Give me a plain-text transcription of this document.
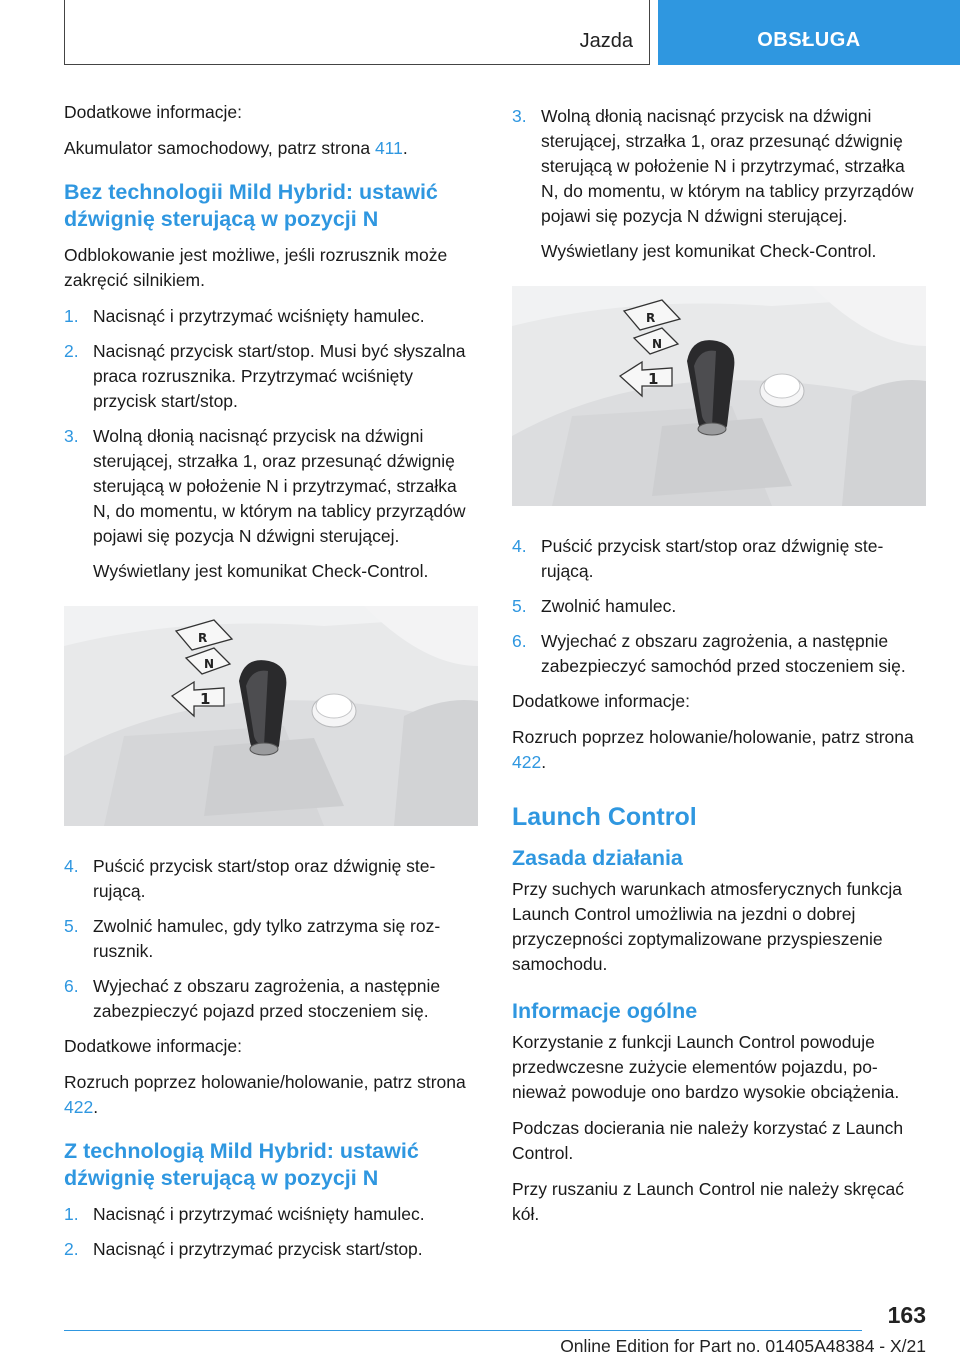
Jazda	OBSŁUGA

Dodatkowe informacje:

Akumulator samochodowy, patrz strona 411.

Bez technologii Mild Hybrid: ustawić dźwignię sterującą w pozycji N

Odblokowanie jest możliwe, jeśli rozrusznik może zakręcić silnikiem.

1. Nacisnąć i przytrzymać wciśnięty hamulec.
2. Nacisnąć przycisk start/stop. Musi być słyszalna praca rozrusznika. Przytrzymać wciśnięty przycisk start/stop.
3. Wolną dłonią nacisnąć przycisk na dźwigni sterującej, strzałka 1, oraz przesunąć dźwignię sterującą w położenie N i przytrzymać, strzałka N, do momentu, w którym na tablicy przyrządów pojawi się pozycja N dźwigni sterującej.

Wyświetlany jest komunikat Check-Control.

R
N
1
4. Puścić przycisk start/stop oraz dźwignię sterującą.
5. Zwolnić hamulec, gdy tylko zatrzyma się rozrusznik.
6. Wyjechać z obszaru zagrożenia, a następnie zabezpieczyć pojazd przed stoczeniem się.

Dodatkowe informacje:

Rozruch poprzez holowanie/holowanie, patrz strona 422.

Z technologią Mild Hybrid: ustawić dźwignię sterującą w pozycji N
1. Nacisnąć i przytrzymać wciśnięty hamulec.
2. Nacisnąć i przytrzymać przycisk start/stop.
3. Wolną dłonią nacisnąć przycisk na dźwigni sterującej, strzałka 1, oraz przesunąć dźwignię sterującą w położenie N i przytrzymać, strzałka N, do momentu, w którym na tablicy przyrządów pojawi się pozycja N dźwigni sterującej.

Wyświetlany jest komunikat Check-Control.

R
N
1
4. Puścić przycisk start/stop oraz dźwignię sterującą.
5. Zwolnić hamulec.
6. Wyjechać z obszaru zagrożenia, a następnie zabezpieczyć samochód przed stoczeniem się.

Dodatkowe informacje:

Rozruch poprzez holowanie/holowanie, patrz strona 422.

Launch Control
Zasada działania

Przy suchych warunkach atmosferycznych funkcja Launch Control umożliwia na jezdni o dobrej przyczepności zoptymalizowane przyspieszenie samochodu.

Informacje ogólne

Korzystanie z funkcji Launch Control powoduje przedwczesne zużycie elementów pojazdu, ponieważ powoduje ono bardzo wysokie obciążenia.

Podczas docierania nie należy korzystać z Launch Control.

Przy ruszaniu z Launch Control nie należy skręcać kół.

163
Online Edition for Part no. 01405A48384 - X/21
